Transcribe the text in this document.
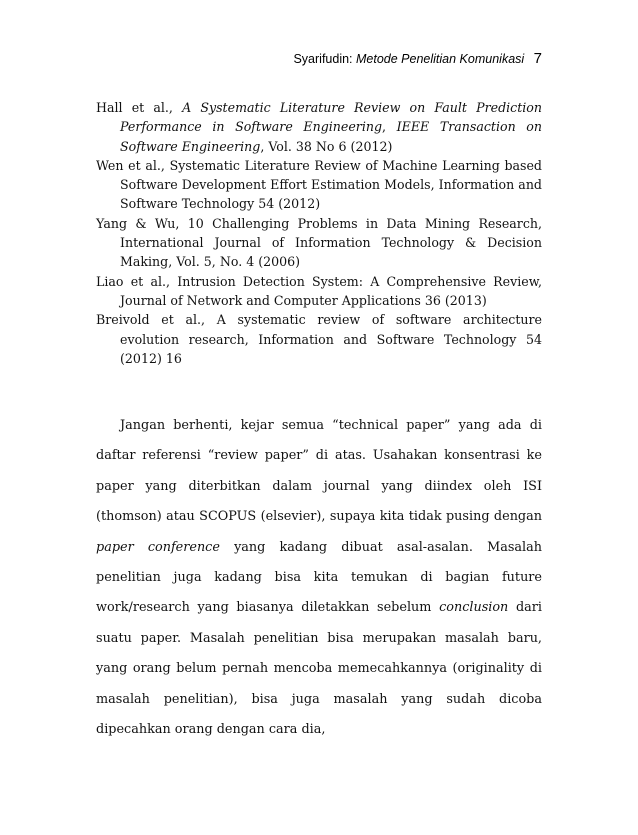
Syarifudin: Metode Penelitian Komunikasi 7

Hall et al., A Systematic Literature Review on Fault Prediction Performance in Software Engineering, IEEE Transaction on Software Engineering, Vol. 38 No 6 (2012)

Wen et al., Systematic Literature Review of Machine Learning based Software Development Effort Estimation Models, Information and Software Technology 54 (2012)

Yang & Wu, 10 Challenging Problems in Data Mining Research, International Journal of Information Technology & Decision Making, Vol. 5, No. 4 (2006)

Liao et al., Intrusion Detection System: A Comprehensive Review, Journal of Network and Computer Applications 36 (2013)

Breivold et al., A systematic review of software architecture evolution research, Information and Software Technology 54 (2012) 16

Jangan berhenti, kejar semua “technical paper” yang ada di daftar referensi “review paper” di atas. Usahakan konsentrasi ke paper yang diterbitkan dalam journal yang diindex oleh ISI (thomson) atau SCOPUS (elsevier), supaya kita tidak pusing dengan paper conference yang kadang dibuat asal-asalan. Masalah penelitian juga kadang bisa kita temukan di bagian future work/research yang biasanya diletakkan sebelum conclusion dari suatu paper. Masalah penelitian bisa merupakan masalah baru, yang orang belum pernah mencoba memecahkannya (originality di masalah penelitian), bisa juga masalah yang sudah dicoba dipecahkan orang dengan cara dia,
